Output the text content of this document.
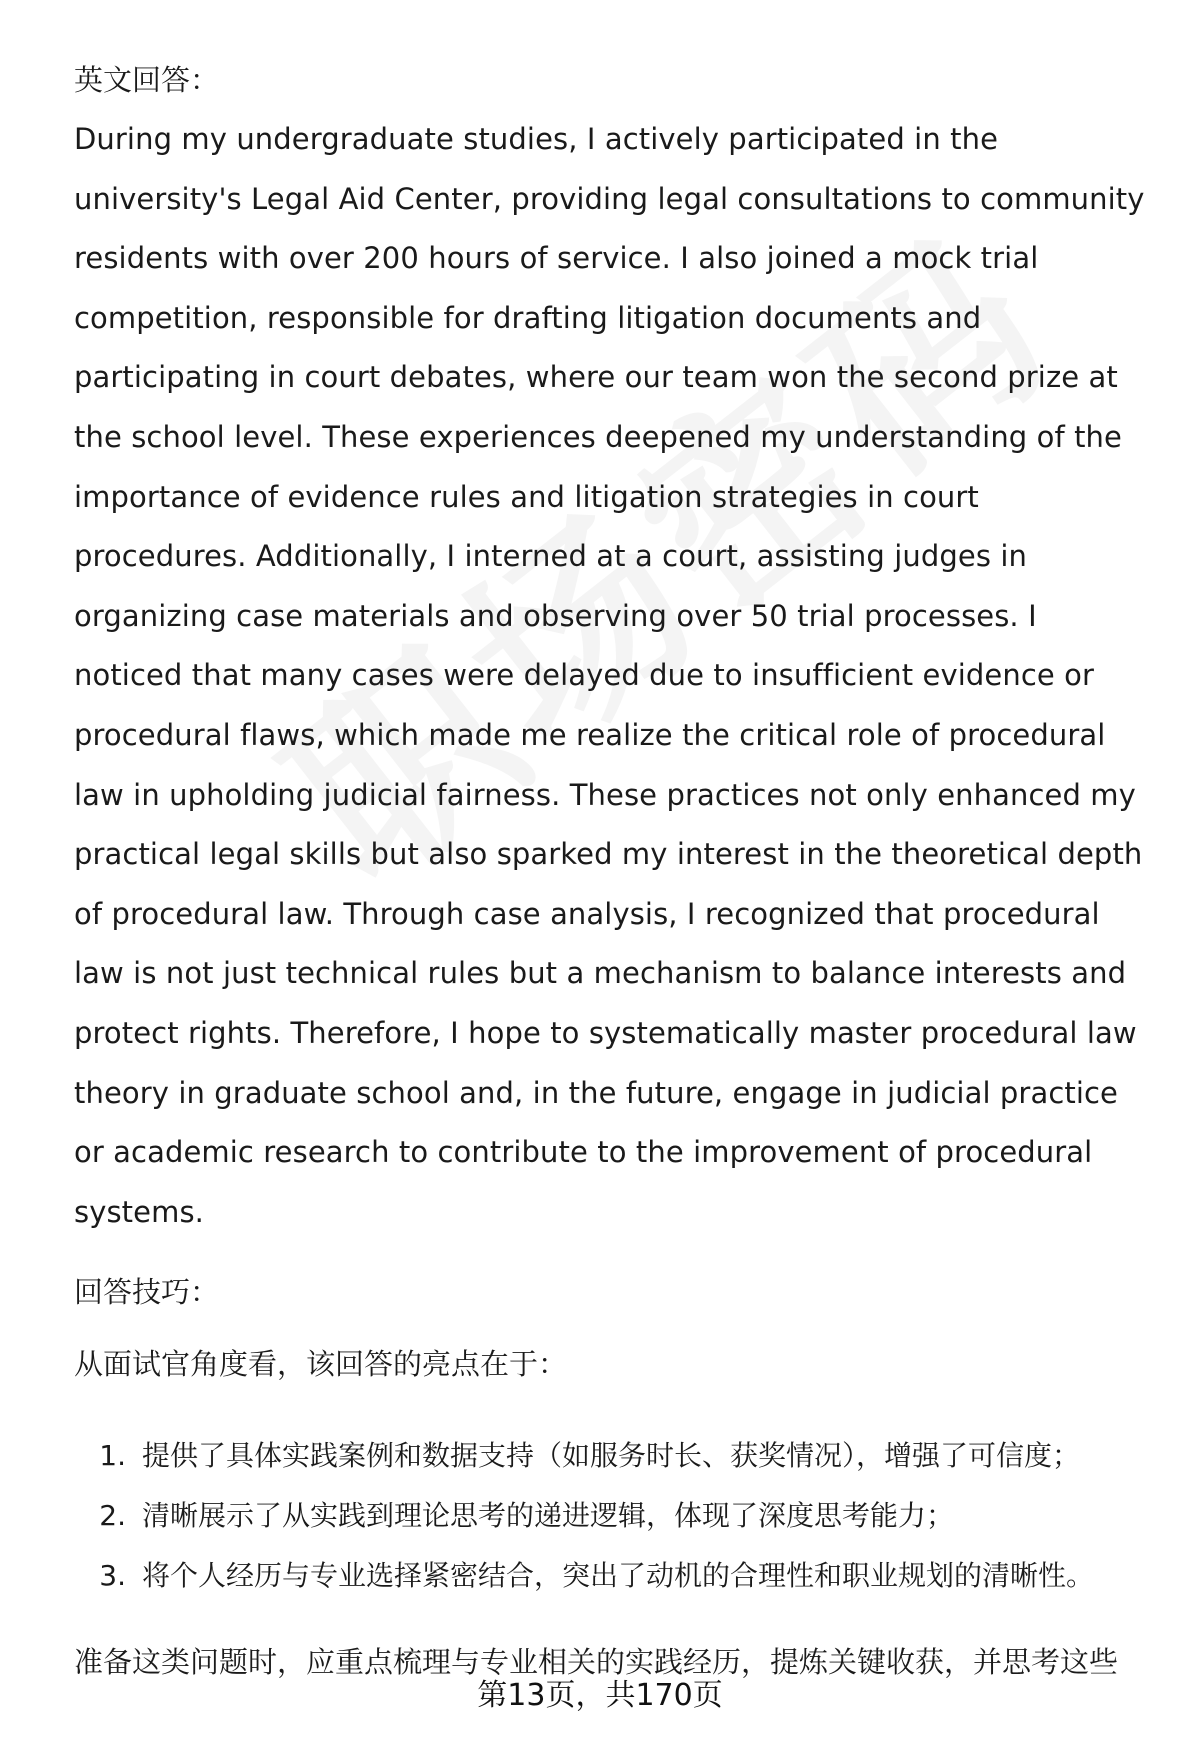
英文回答：

During my undergraduate studies, I actively participated in the university's Legal Aid Center, providing legal consultations to community residents with over 200 hours of service. I also joined a mock trial competition, responsible for drafting litigation documents and participating in court debates, where our team won the second prize at the school level. These experiences deepened my understanding of the importance of evidence rules and litigation strategies in court procedures. Additionally, I interned at a court, assisting judges in organizing case materials and observing over 50 trial processes. I noticed that many cases were delayed due to insufficient evidence or procedural flaws, which made me realize the critical role of procedural law in upholding judicial fairness. These practices not only enhanced my practical legal skills but also sparked my interest in the theoretical depth of procedural law. Through case analysis, I recognized that procedural law is not just technical rules but a mechanism to balance interests and protect rights. Therefore, I hope to systematically master procedural law theory in graduate school and, in the future, engage in judicial practice or academic research to contribute to the improvement of procedural systems.

回答技巧：

从面试官角度看，该回答的亮点在于：

1. 提供了具体实践案例和数据支持（如服务时长、获奖情况），增强了可信度；
2. 清晰展示了从实践到理论思考的递进逻辑，体现了深度思考能力；
3. 将个人经历与专业选择紧密结合，突出了动机的合理性和职业规划的清晰性。

准备这类问题时，应重点梳理与专业相关的实践经历，提炼关键收获，并思考这些

第13页，共170页
